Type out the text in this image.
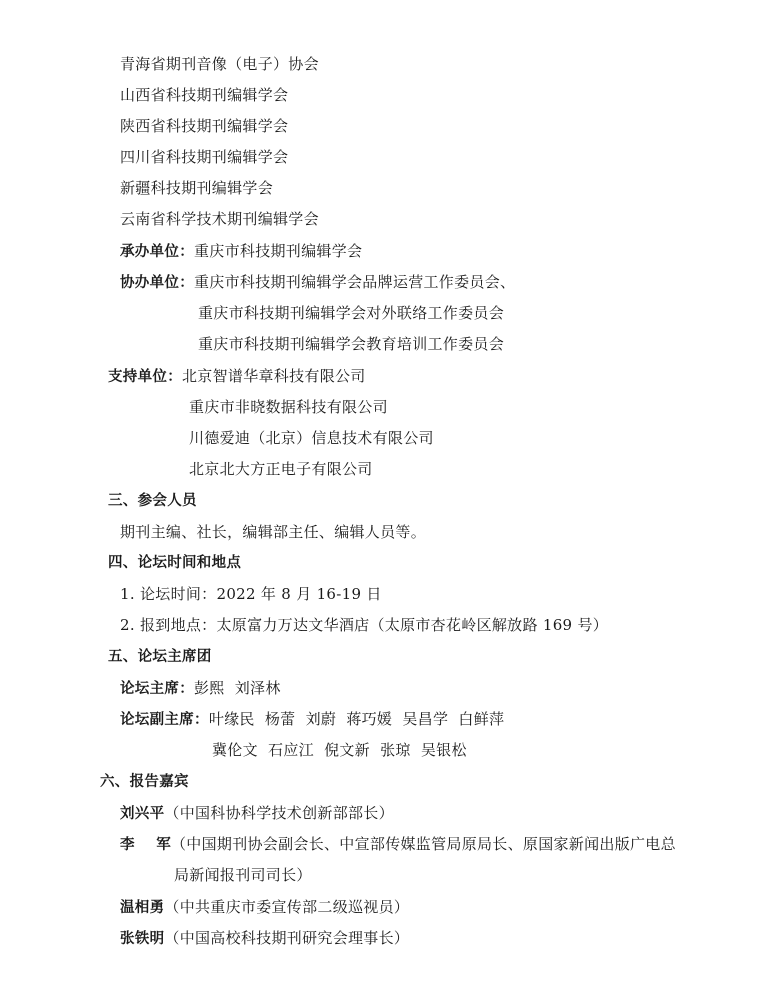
青海省期刊音像（电子）协会
山西省科技期刊编辑学会
陕西省科技期刊编辑学会
四川省科技期刊编辑学会
新疆科技期刊编辑学会
云南省科学技术期刊编辑学会
承办单位：重庆市科技期刊编辑学会
协办单位：重庆市科技期刊编辑学会品牌运营工作委员会、
重庆市科技期刊编辑学会对外联络工作委员会
重庆市科技期刊编辑学会教育培训工作委员会
支持单位：北京智谱华章科技有限公司
重庆市非晓数据科技有限公司
川德爱迪（北京）信息技术有限公司
北京北大方正电子有限公司
三、参会人员
期刊主编、社长，编辑部主任、编辑人员等。
四、论坛时间和地点
1. 论坛时间：2022 年 8 月 16-19 日
2. 报到地点：太原富力万达文华酒店（太原市杏花岭区解放路 169 号）
五、论坛主席团
论坛主席：彭熙  刘泽林
论坛副主席：叶缘民  杨蕾  刘蔚  蒋巧媛  吴昌学  白鲜萍
冀伦文  石应江  倪文新  张琼  吴银松
六、报告嘉宾
刘兴平（中国科协科学技术创新部部长）
李    军（中国期刊协会副会长、中宣部传媒监管局原局长、原国家新闻出版广电总
局新闻报刊司司长）
温相勇（中共重庆市委宣传部二级巡视员）
张铁明（中国高校科技期刊研究会理事长）
